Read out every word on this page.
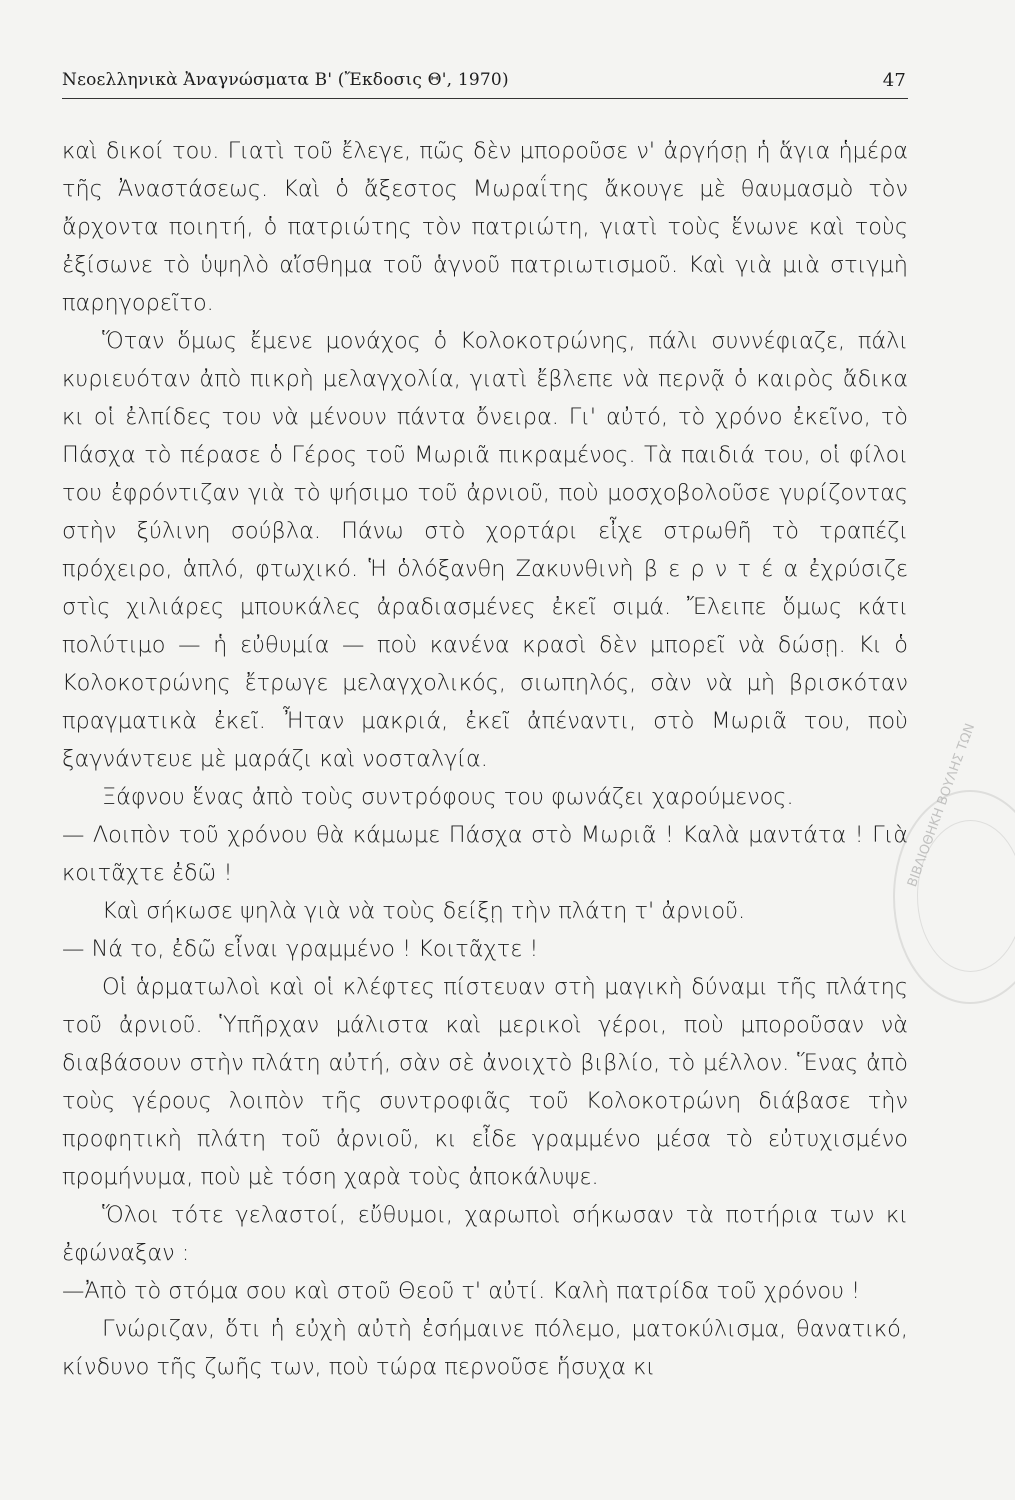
Νεοελληνικὰ Ἀναγνώσματα Β' (Ἔκδοσις Θ', 1970)	47

καὶ δικοί του. Γιατὶ τοῦ ἔλεγε, πῶς δὲν μποροῦσε ν' ἀργήσῃ ἡ ἅγια ἡμέρα τῆς Ἀναστάσεως. Καὶ ὁ ἄξεστος Μωραΐτης ἄκουγε μὲ θαυμασμὸ τὸν ἄρχοντα ποιητή, ὁ πατριώτης τὸν πατριώτη, γιατὶ τοὺς ἕνωνε καὶ τοὺς ἐξίσωνε τὸ ὑψηλὸ αἴσθημα τοῦ ἁγνοῦ πατριωτισμοῦ. Καὶ γιὰ μιὰ στιγμὴ παρηγορεῖτο.

Ὅταν ὅμως ἔμενε μονάχος ὁ Κολοκοτρώνης, πάλι συννέφιαζε, πάλι κυριευόταν ἀπὸ πικρὴ μελαγχολία, γιατὶ ἔβλεπε νὰ περνᾷ ὁ καιρὸς ἄδικα κι οἱ ἐλπίδες του νὰ μένουν πάντα ὄνειρα. Γι' αὐτό, τὸ χρόνο ἐκεῖνο, τὸ Πάσχα τὸ πέρασε ὁ Γέρος τοῦ Μωριᾶ πικραμένος. Τὰ παιδιά του, οἱ φίλοι του ἐφρόντιζαν γιὰ τὸ ψήσιμο τοῦ ἀρνιοῦ, ποὺ μοσχοβολοῦσε γυρίζοντας στὴν ξύλινη σούβλα. Πάνω στὸ χορτάρι εἶχε στρωθῆ τὸ τραπέζι πρόχειρο, ἁπλό, φτωχικό. Ἡ ὁλόξανθη Ζακυνθινὴ β ε ρ ν τ έ α ἐχρύσιζε στὶς χιλιάρες μπουκάλες ἀραδιασμένες ἐκεῖ σιμά. Ἔλειπε ὅμως κάτι πολύτιμο — ἡ εὐθυμία — ποὺ κανένα κρασὶ δὲν μπορεῖ νὰ δώσῃ. Κι ὁ Κολοκοτρώνης ἔτρωγε μελαγχολικός, σιωπηλός, σὰν νὰ μὴ βρισκόταν πραγματικὰ ἐκεῖ. Ἦταν μακριά, ἐκεῖ ἀπέναντι, στὸ Μωριᾶ του, ποὺ ξαγνάντευε μὲ μαράζι καὶ νοσταλγία.

Ξάφνου ἕνας ἀπὸ τοὺς συντρόφους του φωνάζει χαρούμενος.

— Λοιπὸν τοῦ χρόνου θὰ κάμωμε Πάσχα στὸ Μωριᾶ ! Καλὰ μαντάτα ! Γιὰ κοιτᾶχτε ἐδῶ !

Καὶ σήκωσε ψηλὰ γιὰ νὰ τοὺς δείξῃ τὴν πλάτη τ' ἀρνιοῦ.

— Νά το, ἐδῶ εἶναι γραμμένο ! Κοιτᾶχτε !

Οἱ ἁρματωλοὶ καὶ οἱ κλέφτες πίστευαν στὴ μαγικὴ δύναμι τῆς πλάτης τοῦ ἀρνιοῦ. Ὑπῆρχαν μάλιστα καὶ μερικοὶ γέροι, ποὺ μποροῦσαν νὰ διαβάσουν στὴν πλάτη αὐτή, σὰν σὲ ἀνοιχτὸ βιβλίο, τὸ μέλλον. Ἕνας ἀπὸ τοὺς γέρους λοιπὸν τῆς συντροφιᾶς τοῦ Κολοκοτρώνη διάβασε τὴν προφητικὴ πλάτη τοῦ ἀρνιοῦ, κι εἶδε γραμμένο μέσα τὸ εὐτυχισμένο προμήνυμα, ποὺ μὲ τόση χαρὰ τοὺς ἀποκάλυψε.

Ὅλοι τότε γελαστοί, εὔθυμοι, χαρωποὶ σήκωσαν τὰ ποτήρια των κι ἐφώναξαν :

—Ἀπὸ τὸ στόμα σου καὶ στοῦ Θεοῦ τ' αὐτί. Καλὴ πατρίδα τοῦ χρόνου !

Γνώριζαν, ὅτι ἡ εὐχὴ αὐτὴ ἐσήμαινε πόλεμο, ματοκύλισμα, θανατικό, κίνδυνο τῆς ζωῆς των, ποὺ τώρα περνοῦσε ἥσυχα κι

ΒΙΒΛΙΟΘΗΚΗ ΒΟΥΛΗΣ ΤΩΝ
